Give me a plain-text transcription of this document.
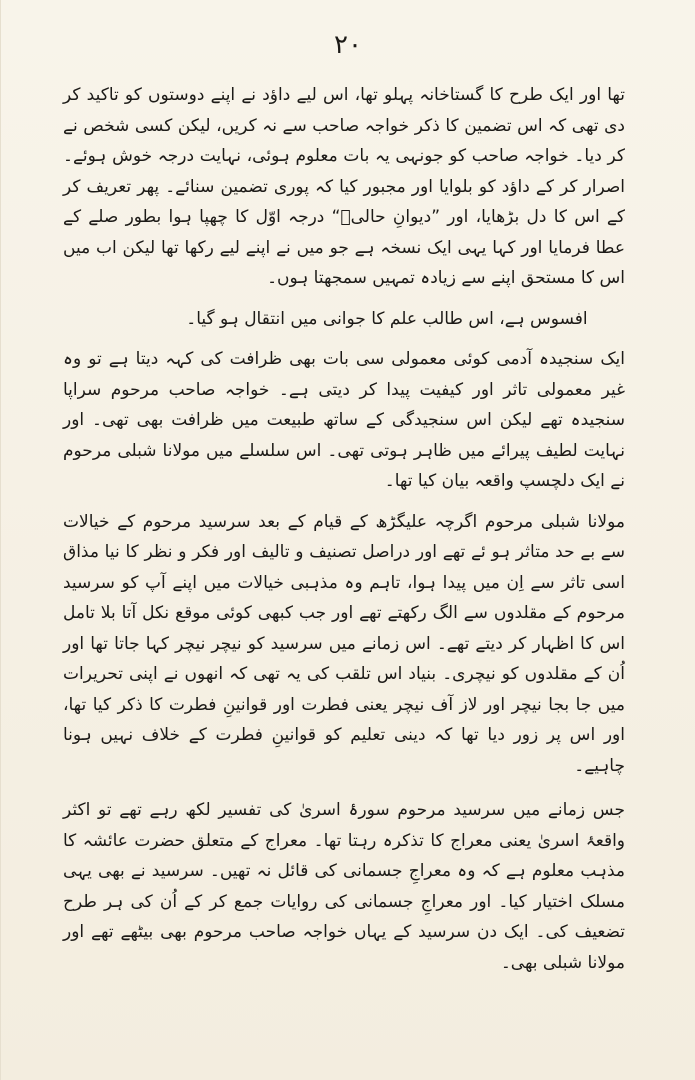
۲۰

تھا اور ایک طرح کا گستاخانہ پہلو تھا، اس لیے داؤد نے اپنے دوستوں کو تاکید کر دی تھی کہ اس تضمین کا ذکر خواجہ صاحب سے نہ کریں، لیکن کسی شخص نے کر دیا۔ خواجہ صاحب کو جونہی یہ بات معلوم ہوئی، نہایت درجہ خوش ہوئے۔ اصرار کر کے داؤد کو بلوایا اور مجبور کیا کہ پوری تضمین سنائے۔ پھر تعریف کر کے اس کا دل بڑھایا، اور ”دیوانِ حالیؔ“ درجہ اوّل کا چھپا ہوا بطور صلے کے عطا فرمایا اور کہا یہی ایک نسخہ ہے جو میں نے اپنے لیے رکھا تھا لیکن اب میں اس کا مستحق اپنے سے زیادہ تمہیں سمجھتا ہوں۔

افسوس ہے، اس طالب علم کا جوانی میں انتقال ہو گیا۔

ایک سنجیدہ آدمی کوئی معمولی سی بات بھی ظرافت کی کہہ دیتا ہے تو وہ غیر معمولی تاثر اور کیفیت پیدا کر دیتی ہے۔ خواجہ صاحب مرحوم سراپا سنجیدہ تھے لیکن اس سنجیدگی کے ساتھ طبیعت میں ظرافت بھی تھی۔ اور نہایت لطیف پیرائے میں ظاہر ہوتی تھی۔ اس سلسلے میں مولانا شبلی مرحوم نے ایک دلچسپ واقعہ بیان کیا تھا۔

مولانا شبلی مرحوم اگرچہ علیگڑھ کے قیام کے بعد سرسید مرحوم کے خیالات سے بے حد متاثر ہو ئے تھے اور دراصل تصنیف و تالیف اور فکر و نظر کا نیا مذاق اسی تاثر سے اِن میں پیدا ہوا، تاہم وہ مذہبی خیالات میں اپنے آپ کو سرسید مرحوم کے مقلدوں سے الگ رکھتے تھے اور جب کبھی کوئی موقع نکل آتا بلا تامل اس کا اظہار کر دیتے تھے۔ اس زمانے میں سرسید کو نیچر نیچر کہا جاتا تھا اور اُن کے مقلدوں کو نیچری۔ بنیاد اس تلقب کی یہ تھی کہ انھوں نے اپنی تحریرات میں جا بجا نیچر اور لاز آف نیچر یعنی فطرت اور قوانینِ فطرت کا ذکر کیا تھا، اور اس پر زور دیا تھا کہ دینی تعلیم کو قوانینِ فطرت کے خلاف نہیں ہونا چاہیے۔

جس زمانے میں سرسید مرحوم سورۂ اسریٰ کی تفسیر لکھ رہے تھے تو اکثر واقعۂ اسریٰ یعنی معراج کا تذکرہ رہتا تھا۔ معراج کے متعلق حضرت عائشہ کا مذہب معلوم ہے کہ وہ معراجِ جسمانی کی قائل نہ تھیں۔ سرسید نے بھی یہی مسلک اختیار کیا۔ اور معراجِ جسمانی کی روایات جمع کر کے اُن کی ہر طرح تضعیف کی۔ ایک دن سرسید کے یہاں خواجہ صاحب مرحوم بھی بیٹھے تھے اور مولانا شبلی بھی۔
